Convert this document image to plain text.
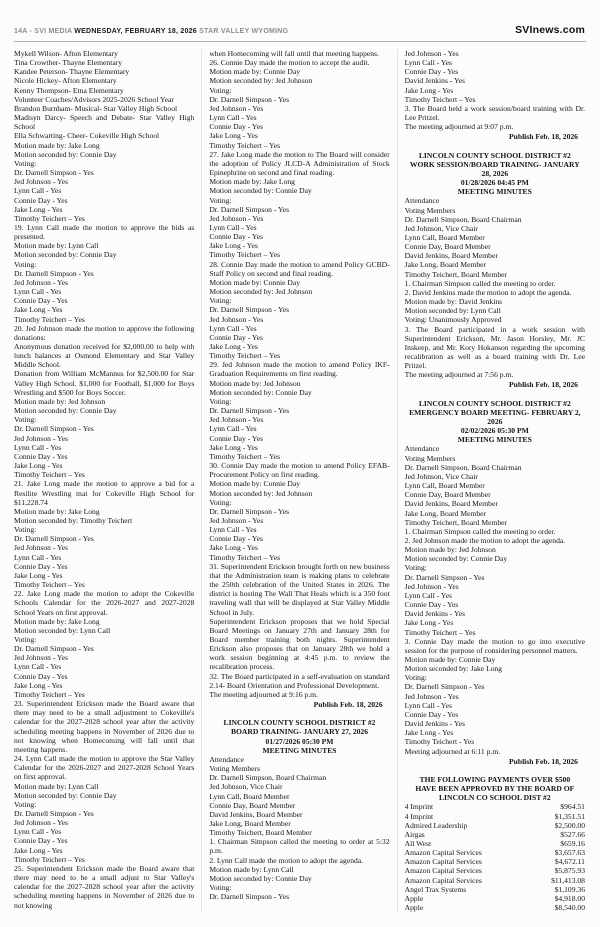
14A - SVI MEDIA WEDNESDAY, FEBRUARY 18, 2026 STAR VALLEY WYOMING	SVInews.com

Mykell Wilson- Afton Elementary

Tina Crowther- Thayne Elementary

Kandee Peterson- Thayne Elementary

Nicole Hickey- Afton Elementary

Kenny Thompson- Etna Elementary

Volunteer Coaches/Advisors 2025-2026 School Year

Brandon Burnham- Musical- Star Valley High School

Madisyn Darcy- Speech and Debate- Star Valley High School

Ella Schwarting- Cheer- Cokeville High School

Motion made by: Jake Long

Motion seconded by: Connie Day

Voting:

Dr. Darnell Simpson - Yes

Jed Johnson - Yes

Lynn Call - Yes

Connie Day - Yes

Jake Long - Yes

Timothy Teichert – Yes

19. Lynn Call made the motion to approve the bids as presented.

Motion made by: Lynn Call

Motion seconded by: Connie Day

Voting:

Dr. Darnell Simpson - Yes

Jed Johnson - Yes

Lynn Call - Yes

Connie Day - Yes

Jake Long - Yes

Timothy Teichert – Yes

20. Jed Johnson made the motion to approve the following donations:

Anonymous donation received for $2,000.00 to help with lunch balances at Osmond Elementary and Star Valley Middle School.

Donation from William McMannus for $2,500.00 for Star Valley High School. $1,000 for Football, $1,000 for Boys Wrestling and $500 for Boys Soccer.

Motion made by: Jed Johnson

Motion seconded by: Connie Day

Voting:

Dr. Darnell Simpson - Yes

Jed Johnson - Yes

Lynn Call - Yes

Connie Day - Yes

Jake Long - Yes

Timothy Teichert – Yes

21. Jake Long made the motion to approve a bid for a Resilite Wrestling mat for Cokeville High School for $11,228.74

Motion made by: Jake Long

Motion seconded by: Timothy Teichert

Voting:

Dr. Darnell Simpson - Yes

Jed Johnson - Yes

Lynn Call - Yes

Connie Day - Yes

Jake Long - Yes

Timothy Teichert – Yes

22. Jake Long made the motion to adopt the Cokeville Schools Calendar for the 2026-2027 and 2027-2028 School Years on first approval.

Motion made by: Jake Long

Motion seconded by: Lynn Call

Voting:

Dr. Darnell Simpson - Yes

Jed Johnson - Yes

Lynn Call - Yes

Connie Day - Yes

Jake Long - Yes

Timothy Teichert – Yes

23. Superintendent Erickson made the Board aware that there may need to be a small adjustment to Cokeville's calendar for the 2027-2028 school year after the activity scheduling meeting happens in November of 2026 due to not knowing when Homecoming will fall until that meeting happens.

24. Lynn Call made the motion to approve the Star Valley Calendar for the 2026-2027 and 2027-2028 School Years on first approval.

Motion made by: Lynn Call

Motion seconded by: Connie Day

Voting:

Dr. Darnell Simpson - Yes

Jed Johnson - Yes

Lynn Call - Yes

Connie Day - Yes

Jake Long - Yes

Timothy Teichert – Yes

25. Superintendent Erickson made the Board aware that there may need to be a small adjust to Star Valley's calendar for the 2027-2028 school year after the activity scheduling meeting happens in November of 2026 due to not knowing

when Homecoming will fall until that meeting happens.

26. Connie Day made the motion to accept the audit.

Motion made by: Connie Day

Motion seconded by: Jed Johnson

Voting:

Dr. Darnell Simpson - Yes

Jed Johnson - Yes

Lynn Call - Yes

Connie Day - Yes

Jake Long - Yes

Timothy Teichert – Yes

27. Jake Long made the motion to The Board will consider the adoption of Policy JLCD-A Administration of Stock Epinephrine on second and final reading.

Motion made by: Jake Long

Motion seconded by: Connie Day

Voting:

Dr. Darnell Simpson - Yes

Jed Johnson - Yes

Lynn Call - Yes

Connie Day - Yes

Jake Long - Yes

Timothy Teichert – Yes

28. Connie Day made the motion to amend Policy GCBD-Staff Policy on second and final reading.

Motion made by: Connie Day

Motion seconded by: Jed Johnson

Voting:

Dr. Darnell Simpson - Yes

Jed Johnson - Yes

Lynn Call - Yes

Connie Day - Yes

Jake Long - Yes

Timothy Teichert – Yes

29. Jed Johnson made the motion to amend Policy IKF-Graduation Requirements on first reading.

Motion made by: Jed Johnson

Motion seconded by: Connie Day

Voting:

Dr. Darnell Simpson - Yes

Jed Johnson - Yes

Lynn Call - Yes

Connie Day - Yes

Jake Long - Yes

Timothy Teichert – Yes

30. Connie Day made the motion to amend Policy EFAB-Procurement Policy on first reading.

Motion made by: Connie Day

Motion seconded by: Jed Johnson

Voting:

Dr. Darnell Simpson - Yes

Jed Johnson - Yes

Lynn Call - Yes

Connie Day - Yes

Jake Long - Yes

Timothy Teichert – Yes

31. Superintendent Erickson brought forth on new business that the Administration team is making plans to celebrate the 250th celebration of the United States in 2026. The district is hosting The Wall That Heals which is a 350 foot traveling wall that will be displayed at Star Valley Middle School in July.

Superintendent Erickson proposes that we hold Special Board Meetings on January 27th and January 28th for Board member training both nights. Superintendent Erickson also proposes that on January 28th we hold a work session beginning at 4:45 p.m. to review the recalibration process.

32. The Board participated in a self-evaluation on standard 2.14- Board Orientation and Professional Development.

The meeting adjourned at 9:16 p.m.

Publish Feb. 18, 2026

LINCOLN COUNTY SCHOOL DISTRICT #2

BOARD TRAINING- JANUARY 27, 2026

01/27/2026 05:30 PM

MEETING MINUTES

Attendance

Voting Members

Dr. Darnell Simpson, Board Chairman

Jed Johnson, Vice Chair

Lynn Call, Board Member

Connie Day, Board Member

David Jenkins, Board Member

Jake Long, Board Member

Timothy Teichert, Board Member

1. Chairman Simpson called the meeting to order at 5:32 p.m.

2. Lynn Call made the motion to adopt the agenda.

Motion made by: Lynn Call

Motion seconded by: Connie Day

Voting:

Dr. Darnell Simpson - Yes

Jed Johnson - Yes

Lynn Call - Yes

Connie Day - Yes

David Jenkins - Yes

Jake Long - Yes

Timothy Teichert – Yes

3. The Board held a work session/board training with Dr. Lee Pritzel.

The meeting adjourned at 9:07 p.m.

Publish Feb. 18, 2026

LINCOLN COUNTY SCHOOL DISTRICT #2

WORK SESSION/BOARD TRAINING- JANUARY 28, 2026

01/28/2026 04:45 PM

MEETING MINUTES

Attendance

Voting Members

Dr. Darnell Simpson, Board Chairman

Jed Johnson, Vice Chair

Lynn Call, Board Member

Connie Day, Board Member

David Jenkins, Board Member

Jake Long, Board Member

Timothy Teichert, Board Member

1. Chairman Simpson called the meeting to order.

2. David Jenkins made the motion to adopt the agenda.

Motion made by: David Jenkins

Motion seconded by: Lynn Call

Voting: Unanimously Approved

3. The Board participated in a work session with Superintendent Erickson, Mr. Jason Horsley, Mr. JC Inskeep, and Mr. Kory Hokanson regarding the upcoming recalibration as well as a board training with Dr. Lee Pritzel.

The meeting adjourned at 7:56 p.m.

Publish Feb. 18, 2026

LINCOLN COUNTY SCHOOL DISTRICT #2

EMERGENCY BOARD MEETING- FEBRUARY 2, 2026

02/02/2026 05:30 PM

MEETING MINUTES

Attendance

Voting Members

Dr. Darnell Simpson, Board Chairman

Jed Johnson, Vice Chair

Lynn Call, Board Member

Connie Day, Board Member

David Jenkins, Board Member

Jake Long, Board Member

Timothy Teichert, Board Member

1. Chairman Simpson called the meeting to order.

2. Jed Johnson made the motion to adopt the agenda.

Motion made by: Jed Johnson

Motion seconded by: Connie Day

Voting:

Dr. Darnell Simpson - Yes

Jed Johnson - Yes

Lynn Call - Yes

Connie Day - Yes

David Jenkins - Yes

Jake Long - Yes

Timothy Teichert – Yes

3. Connie Day made the motion to go into executive session for the purpose of considering personnel matters.

Motion made by: Connie Day

Motion seconded by: Jake Long

Voting:

Dr. Darnell Simpson - Yes

Jed Johnson - Yes

Lynn Call - Yes

Connie Day - Yes

David Jenkins - Yes

Jake Long - Yes

Timothy Teichert - Yes

Meeting adjourned at 6:11 p.m.

Publish Feb. 18, 2026

THE FOLLOWING PAYMENTS OVER $500 HAVE BEEN APPROVED BY THE BOARD OF LINCOLN CO SCHOOL DIST #2

4 Imprint	$964.51

4 Imprint	$1,351.51

Admired Leadership	$2,500.00

Airgas	$527.66

All West	$659.16

Amazon Capital Services	$3,657.63

Amazon Capital Services	$4,672.11

Amazon Capital Services	$5,875.93

Amazon Capital Services	$11,413.08

Angel Trax Systems	$1,109.36

Apple	$4,918.00

Apple	$8,540.00
